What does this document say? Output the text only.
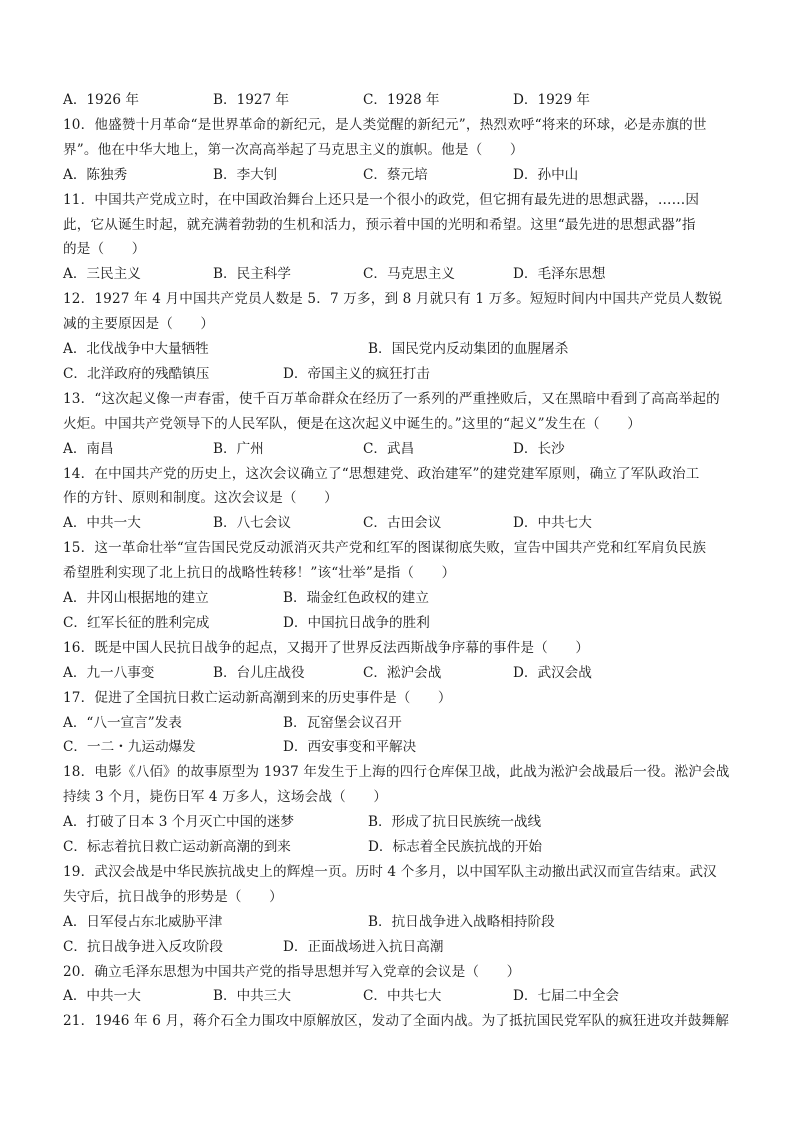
A．1926 年	B．1927 年	C．1928 年	D．1929 年
10．他盛赞十月革命“是世界革命的新纪元，是人类觉醒的新纪元”，热烈欢呼“将来的环球，必是赤旗的世
界”。他在中华大地上，第一次高高举起了马克思主义的旗帜。他是（　　）
A．陈独秀	B．李大钊	C．蔡元培	D．孙中山
11．中国共产党成立时，在中国政治舞台上还只是一个很小的政党，但它拥有最先进的思想武器，……因
此，它从诞生时起，就充满着勃勃的生机和活力，预示着中国的光明和希望。这里“最先进的思想武器”指
的是（　　）
A．三民主义	B．民主科学	C．马克思主义	D．毛泽东思想
12．1927 年 4 月中国共产党员人数是 5．7 万多，到 8 月就只有 1 万多。短短时间内中国共产党员人数锐
减的主要原因是（　　）
A．北伐战争中大量牺牲	B．国民党内反动集团的血腥屠杀
C．北洋政府的残酷镇压	D．帝国主义的疯狂打击
13．“这次起义像一声春雷，使千百万革命群众在经历了一系列的严重挫败后，又在黑暗中看到了高高举起的
火炬。中国共产党领导下的人民军队，便是在这次起义中诞生的。”这里的“起义”发生在（　　）
A．南昌	B．广州	C．武昌	D．长沙
14．在中国共产党的历史上，这次会议确立了“思想建党、政治建军”的建党建军原则，确立了军队政治工
作的方针、原则和制度。这次会议是（　　）
A．中共一大	B．八七会议	C．古田会议	D．中共七大
15．这一革命壮举“宣告国民党反动派消灭共产党和红军的图谋彻底失败，宣告中国共产党和红军肩负民族
希望胜利实现了北上抗日的战略性转移！”该“壮举”是指（　　）
A．井冈山根据地的建立	B．瑞金红色政权的建立
C．红军长征的胜利完成	D．中国抗日战争的胜利
16．既是中国人民抗日战争的起点，又揭开了世界反法西斯战争序幕的事件是（　　）
A．九一八事变	B．台儿庄战役	C．淞沪会战	D．武汉会战
17．促进了全国抗日救亡运动新高潮到来的历史事件是（　　）
A．“八一宣言”发表	B．瓦窑堡会议召开
C．一二・九运动爆发	D．西安事变和平解决
18．电影《八佰》的故事原型为 1937 年发生于上海的四行仓库保卫战，此战为淞沪会战最后一役。淞沪会战
持续 3 个月，毙伤日军 4 万多人，这场会战（　　）
A．打破了日本 3 个月灭亡中国的迷梦	B．形成了抗日民族统一战线
C．标志着抗日救亡运动新高潮的到来	D．标志着全民族抗战的开始
19．武汉会战是中华民族抗战史上的辉煌一页。历时 4 个多月，以中国军队主动撤出武汉而宣告结束。武汉
失守后，抗日战争的形势是（　　）
A．日军侵占东北威胁平津	B．抗日战争进入战略相持阶段
C．抗日战争进入反攻阶段	D．正面战场进入抗日高潮
20．确立毛泽东思想为中国共产党的指导思想并写入党章的会议是（　　）
A．中共一大	B．中共三大	C．中共七大	D．七届二中全会
21．1946 年 6 月，蒋介石全力围攻中原解放区，发动了全面内战。为了抵抗国民党军队的疯狂进攻并鼓舞解
